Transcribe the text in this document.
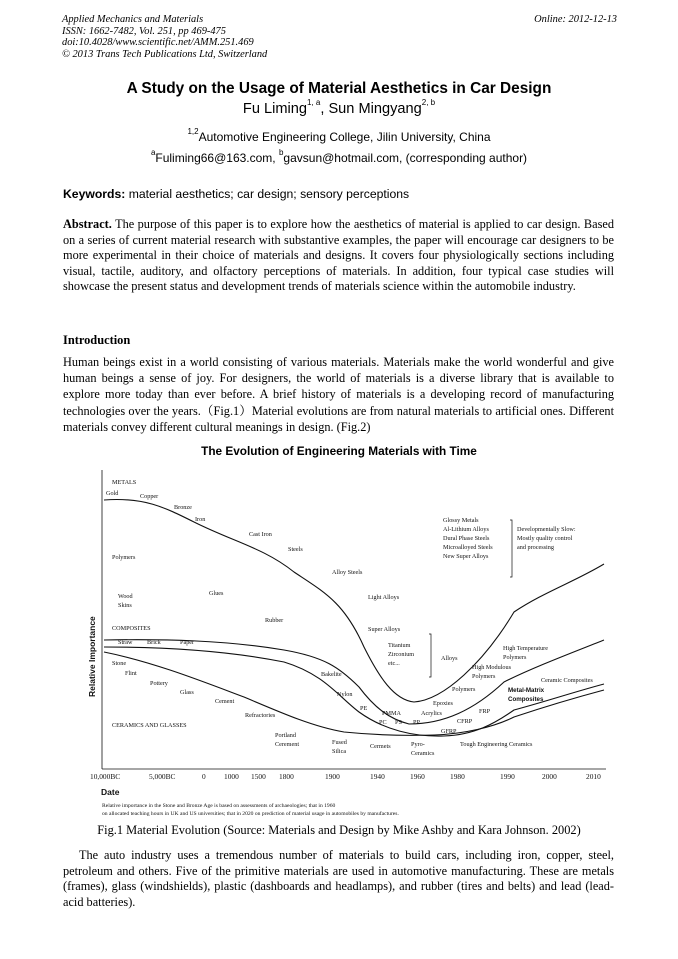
Applied Mechanics and Materials
ISSN: 1662-7482, Vol. 251, pp 469-475
doi:10.4028/www.scientific.net/AMM.251.469
© 2013 Trans Tech Publications Ltd, Switzerland
Online: 2012-12-13
A Study on the Usage of Material Aesthetics in Car Design
Fu Liming$^{1, a}$, Sun Mingyang$^{2, b}$
$^{1,2}$Automotive Engineering College, Jilin University, China
$^a$Fuliming66@163.com, $^b$gavsun@hotmail.com, (corresponding author)
Keywords: material aesthetics; car design; sensory perceptions
Abstract. The purpose of this paper is to explore how the aesthetics of material is applied to car design. Based on a series of current material research with substantive examples, the paper will encourage car designers to be more experimental in their choice of materials and designs. It covers four physiologically sections including visual, tactile, auditory, and olfactory perceptions of materials. In addition, four typical case studies will showcase the present status and development trends of materials science within the automobile industry.
Introduction
Human beings exist in a world consisting of various materials. Materials make the world wonderful and give human beings a sense of joy. For designers, the world of materials is a diverse library that is available to explore more today than ever before. A brief history of materials is a developing record of manufacturing technologies over the years.（Fig.1）Material evolutions are from natural materials to artificial ones. Different materials convey different cultural meanings in design. (Fig.2)
The Evolution of Engineering Materials with Time
Relative Importance
Date
10,000BC	5,000BC	0 1000 1500 1800	1900	1940	1960	1980	1990	2000	2010
METALS
Polymers
COMPOSITES
CERAMICS AND GLASSES
Gold	Copper
Bronze
Iron
Cast Iron
Steels
Alloy Steels
Light Alloys
Super Alloys
Titanium
Zirconium
etc...
Alloys
Glossy Metals
Al-Lithium Alloys
Dural Phase Steels
Microalloyed Steels
New Super Alloys
Developmentally Slow:
Mostly quality control
and processing
Wood
Skins
Glues
Rubber
Straw Brick	Paper
Stone
Flint
Pottery
Glass
Cement
Refractories
Portland
Cerement
Bakelite
Nylon
PE
PMMA
PC PS PP
Fused
Silica
Cermets	Pyro-
Ceramics
Epoxies
Acrylics
Polymers
CFRP
GFRP
FRP
High Temperature
Polymers
High Modulous
Polymers
Ceramic Composites
Metal-Matrix
Composites
Tough Engineering Ceramics
Relative importance in the Stone and Bronze Age is based on assessments of archaeologies; that in 1960
on allocated teaching hours in UK and US universities; that in 2020 on prediction of material usage in automobiles by manufactures.
Fig.1 Material Evolution (Source: Materials and Design by Mike Ashby and Kara Johnson. 2002)
The auto industry uses a tremendous number of materials to build cars, including iron, copper, steel, petroleum and others. Five of the primitive materials are used in automotive manufacturing. These are metals (frames), glass (windshields), plastic (dashboards and headlamps), and rubber (tires and belts) and lead (lead-acid batteries).
